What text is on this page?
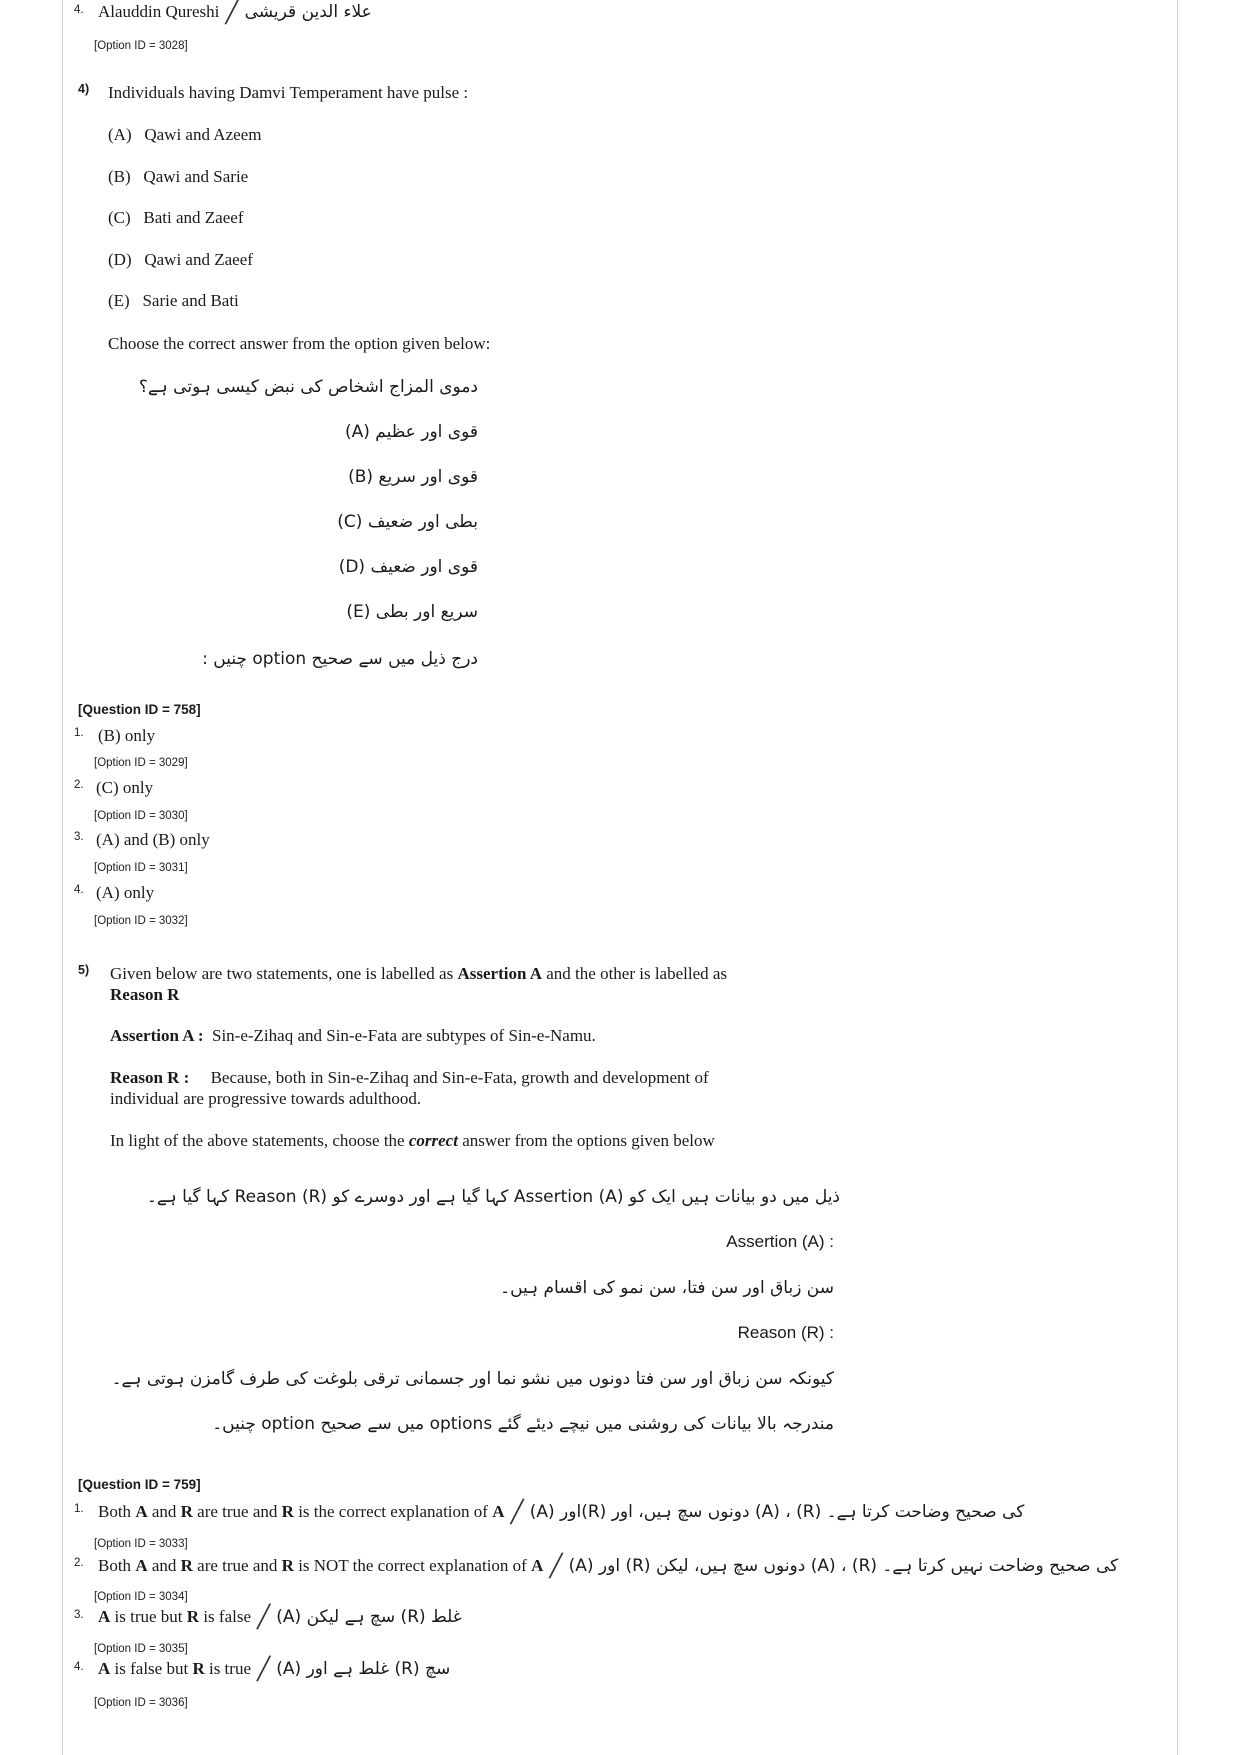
4. Alauddin Qureshi ╱ علاء الدين قريشى
[Option ID = 3028]
4) Individuals having Damvi Temperament have pulse :
(A) Qawi and Azeem
(B) Qawi and Sarie
(C) Bati and Zaeef
(D) Qawi and Zaeef
(E) Sarie and Bati
Choose the correct answer from the option given below:
دموی المزاج اشخاص کی نبض کیسی ہوتی ہے؟
(A) قوی اور عظیم
(B) قوی اور سریع
(C) بطی اور ضعیف
(D) قوی اور ضعیف
(E) سریع اور بطی
درج ذیل میں سے صحیح option چنیں :
[Question ID = 758]
1. (B) only
[Option ID = 3029]
2. (C) only
[Option ID = 3030]
3. (A) and (B) only
[Option ID = 3031]
4. (A) only
[Option ID = 3032]
5) Given below are two statements, one is labelled as Assertion A and the other is labelled as
Reason R
Assertion A : Sin-e-Zihaq and Sin-e-Fata are subtypes of Sin-e-Namu.
Reason R : Because, both in Sin-e-Zihaq and Sin-e-Fata, growth and development of
individual are progressive towards adulthood.
In light of the above statements, choose the correct answer from the options given below
ذیل میں دو بیانات ہیں ایک کو (A) Assertion کہا گیا ہے اور دوسرے کو (R) Reason کہا گیا ہے۔
Assertion (A) :
سن زباق اور سن فتا، سن نمو کی اقسام ہیں۔
Reason (R) :
کیونکہ سن زباق اور سن فتا دونوں میں نشو نما اور جسمانی ترقی بلوغت کی طرف گامزن ہوتی ہے۔
مندرجہ بالا بیانات کی روشنی میں نیچے دیئے گئے options میں سے صحیح option چنیں۔
[Question ID = 759]
1. Both A and R are true and R is the correct explanation of A ╱ (A) اور(R) دونوں سچ ہیں، اور (A) ، (R) کی صحیح وضاحت کرتا ہے۔
[Option ID = 3033]
2. Both A and R are true and R is NOT the correct explanation of A ╱ (A) اور (R) دونوں سچ ہیں، لیکن (A) ، (R) کی صحیح وضاحت نہیں کرتا ہے۔
[Option ID = 3034]
3. A is true but R is false ╱ (A) سچ ہے لیکن (R) غلط
[Option ID = 3035]
4. A is false but R is true ╱ (A) غلط ہے اور (R) سچ
[Option ID = 3036]
